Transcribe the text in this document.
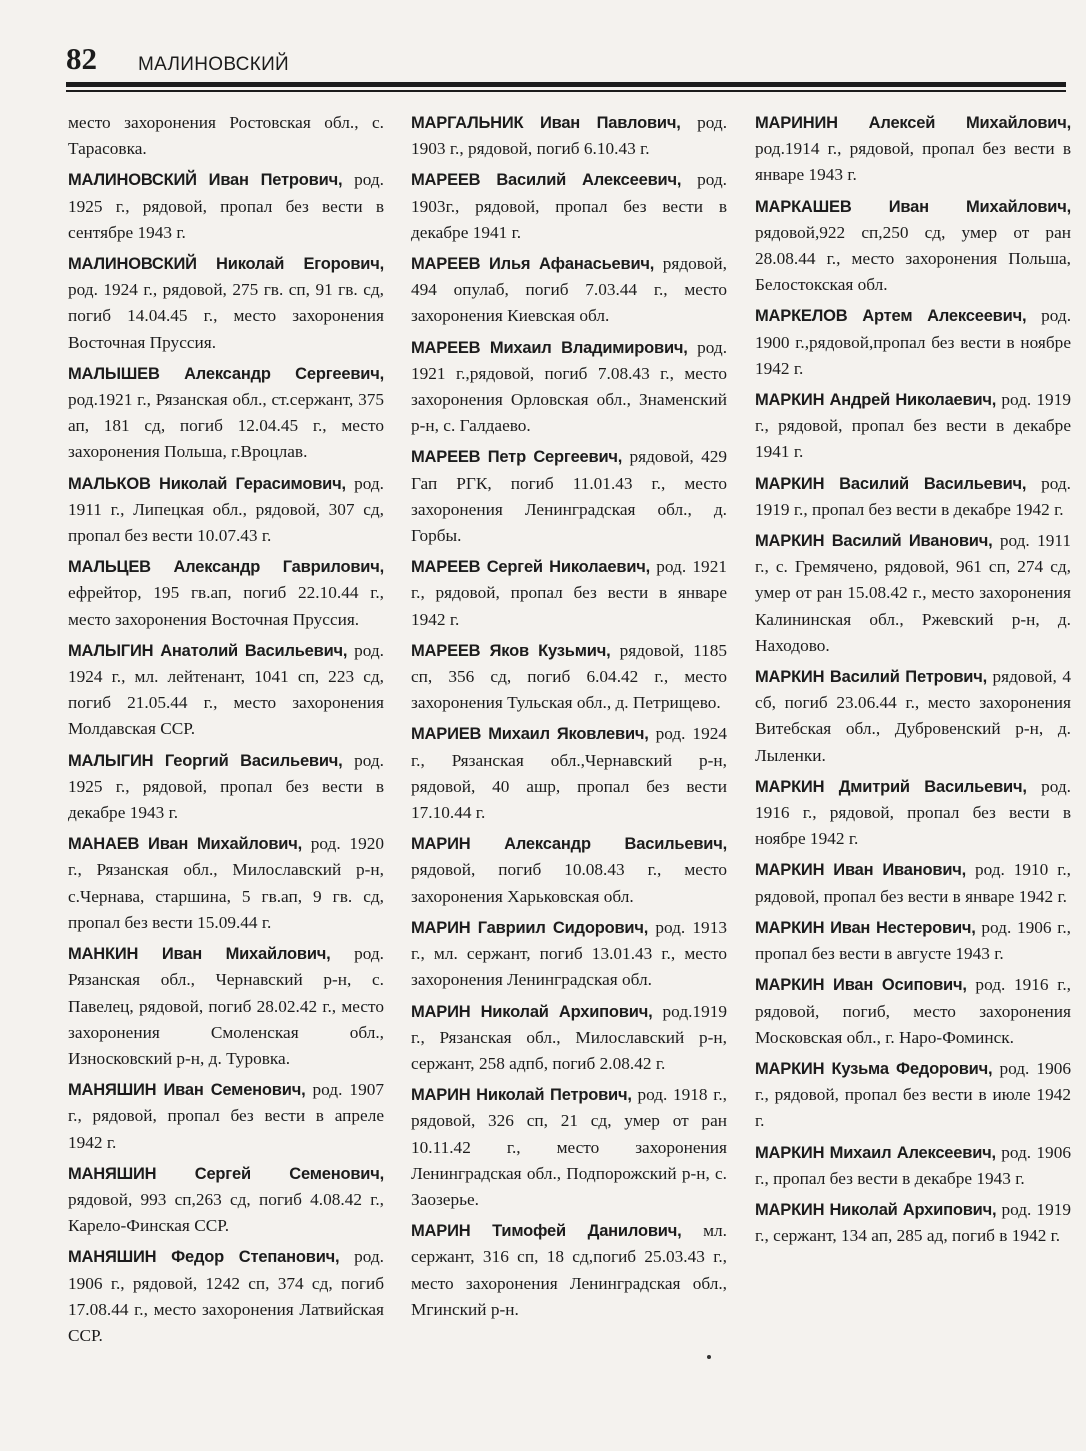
82 МАЛИНОВСКИЙ

место захоронения Ростовская обл., с. Тарасовка.

МАЛИНОВСКИЙ Иван Петрович, род. 1925 г., рядовой, пропал без вести в сентябре 1943 г.

МАЛИНОВСКИЙ Николай Егорович, род. 1924 г., рядовой, 275 гв. сп, 91 гв. сд, погиб 14.04.45 г., место захоронения Восточная Пруссия.

МАЛЫШЕВ Александр Сергеевич, род.1921 г., Рязанская обл., ст.сержант, 375 ап, 181 сд, погиб 12.04.45 г., место захоронения Польша, г.Вроцлав.

МАЛЬКОВ Николай Герасимович, род. 1911 г., Липецкая обл., рядовой, 307 сд, пропал без вести 10.07.43 г.

МАЛЬЦЕВ Александр Гаврилович, ефрейтор, 195 гв.ап, погиб 22.10.44 г., место захоронения Восточная Пруссия.

МАЛЫГИН Анатолий Васильевич, род. 1924 г., мл. лейтенант, 1041 сп, 223 сд, погиб 21.05.44 г., место захоронения Молдавская ССР.

МАЛЫГИН Георгий Васильевич, род. 1925 г., рядовой, пропал без вести в декабре 1943 г.

МАНАЕВ Иван Михайлович, род. 1920 г., Рязанская обл., Милославский р-н, с.Чернава, старшина, 5 гв.ап, 9 гв. сд, пропал без вести 15.09.44 г.

МАНКИН Иван Михайлович, род. Рязанская обл., Чернавский р-н, с. Павелец, рядовой, погиб 28.02.42 г., место захоронения Смоленская обл., Износковский р-н, д. Туровка.

МАНЯШИН Иван Семенович, род. 1907 г., рядовой, пропал без вести в апреле 1942 г.

МАНЯШИН Сергей Семенович, рядовой, 993 сп,263 сд, погиб 4.08.42 г., Карело-Финская ССР.

МАНЯШИН Федор Степанович, род. 1906 г., рядовой, 1242 сп, 374 сд, погиб 17.08.44 г., место захоронения Латвийская ССР.

МАРГАЛЬНИК Иван Павлович, род. 1903 г., рядовой, погиб 6.10.43 г.

МАРЕЕВ Василий Алексеевич, род. 1903г., рядовой, пропал без вести в декабре 1941 г.

МАРЕЕВ Илья Афанасьевич, рядовой, 494 опулаб, погиб 7.03.44 г., место захоронения Киевская обл.

МАРЕЕВ Михаил Владимирович, род. 1921 г.,рядовой, погиб 7.08.43 г., место захоронения Орловская обл., Знаменский р-н, с. Галдаево.

МАРЕЕВ Петр Сергеевич, рядовой, 429 Гап РГК, погиб 11.01.43 г., место захоронения Ленинградская обл., д. Горбы.

МАРЕЕВ Сергей Николаевич, род. 1921 г., рядовой, пропал без вести в январе 1942 г.

МАРЕЕВ Яков Кузьмич, рядовой, 1185 сп, 356 сд, погиб 6.04.42 г., место захоронения Тульская обл., д. Петрищево.

МАРИЕВ Михаил Яковлевич, род. 1924 г., Рязанская обл.,Чернавский р-н, рядовой, 40 ашр, пропал без вести 17.10.44 г.

МАРИН Александр Васильевич, рядовой, погиб 10.08.43 г., место захоронения Харьковская обл.

МАРИН Гавриил Сидорович, род. 1913 г., мл. сержант, погиб 13.01.43 г., место захоронения Ленинградская обл.

МАРИН Николай Архипович, род.1919 г., Рязанская обл., Милославский р-н, сержант, 258 адпб, погиб 2.08.42 г.

МАРИН Николай Петрович, род. 1918 г., рядовой, 326 сп, 21 сд, умер от ран 10.11.42 г., место захоронения Ленинградская обл., Подпорожский р-н, с. Заозерье.

МАРИН Тимофей Данилович, мл. сержант, 316 сп, 18 сд,погиб 25.03.43 г., место захоронения Ленинградская обл., Мгинский р-н.

МАРИНИН Алексей Михайлович, род.1914 г., рядовой, пропал без вести в январе 1943 г.

МАРКАШЕВ Иван Михайлович, рядовой,922 сп,250 сд, умер от ран 28.08.44 г., место захоронения Польша, Белостокская обл.

МАРКЕЛОВ Артем Алексеевич, род. 1900 г.,рядовой,пропал без вести в ноябре 1942 г.

МАРКИН Андрей Николаевич, род. 1919 г., рядовой, пропал без вести в декабре 1941 г.

МАРКИН Василий Васильевич, род. 1919 г., пропал без вести в декабре 1942 г.

МАРКИН Василий Иванович, род. 1911 г., с. Гремячено, рядовой, 961 сп, 274 сд, умер от ран 15.08.42 г., место захоронения Калининская обл., Ржевский р-н, д. Находово.

МАРКИН Василий Петрович, рядовой, 4 сб, погиб 23.06.44 г., место захоронения Витебская обл., Дубровенский р-н, д. Лыленки.

МАРКИН Дмитрий Васильевич, род. 1916 г., рядовой, пропал без вести в ноябре 1942 г.

МАРКИН Иван Иванович, род. 1910 г., рядовой, пропал без вести в январе 1942 г.

МАРКИН Иван Нестерович, род. 1906 г., пропал без вести в августе 1943 г.

МАРКИН Иван Осипович, род. 1916 г., рядовой, погиб, место захоронения Московская обл., г. Наро-Фоминск.

МАРКИН Кузьма Федорович, род. 1906 г., рядовой, пропал без вести в июле 1942 г.

МАРКИН Михаил Алексеевич, род. 1906 г., пропал без вести в декабре 1943 г.

МАРКИН Николай Архипович, род. 1919 г., сержант, 134 ап, 285 ад, погиб в 1942 г.
